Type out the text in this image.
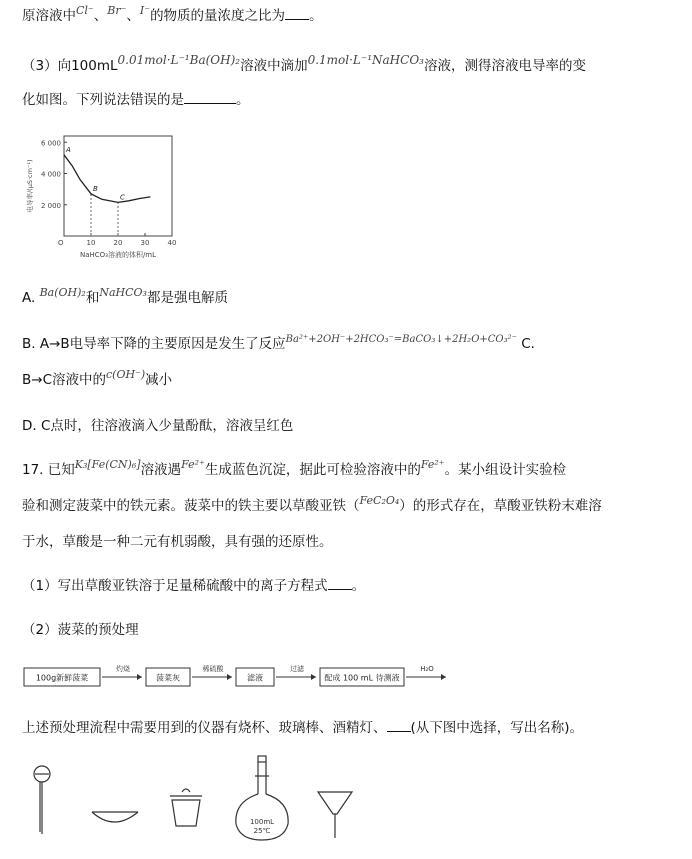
原溶液中$^{Cl^-}$、$^{Br^-}$、$^{I^-}$的物质的量浓度之比为 。
（3）向100mL0.01mol·L⁻¹Ba(OH)₂溶液中滴加0.1mol·L⁻¹NaHCO₃溶液，测得溶液电导率的变
化如图。下列说法错误的是	。
2 000
4 000
6 000
10	20	30	40
O
A
B
C
电导率/(μS·cm⁻¹)
NaHCO₃溶液的体积/mL
A. $^{Ba(OH)_2}$和$^{NaHCO_3}$都是强电解质
B. A→B电导率下降的主要原因是发生了反应$^{Ba^{2+}+2OH^-+2HCO_3^-=BaCO_3↓+2H_2O+CO_3^{2-}}$ C.
B→C溶液中的$^{c(OH^-)}$减小
D. C点时，往溶液滴入少量酚酞，溶液呈红色
17. 已知$^{K_3[Fe(CN)_6]}$溶液遇$^{Fe^{2+}}$生成蓝色沉淀，据此可检验溶液中的$^{Fe^{2+}}$。某小组设计实验检
验和测定菠菜中的铁元素。菠菜中的铁主要以草酸亚铁（$^{FeC_2O_4}$）的形式存在，草酸亚铁粉末难溶
于水，草酸是一种二元有机弱酸，具有强的还原性。
（1）写出草酸亚铁溶于足量稀硫酸中的离子方程式 。
（2）菠菜的预处理
100g新鲜菠菜
灼烧
菠菜灰
稀硫酸
滤液
过滤
配成 100 mL 待测液
H₂O
上述预处理流程中需要用到的仪器有烧杯、玻璃棒、酒精灯、 (从下图中选择，写出名称)。
100mL
25℃
